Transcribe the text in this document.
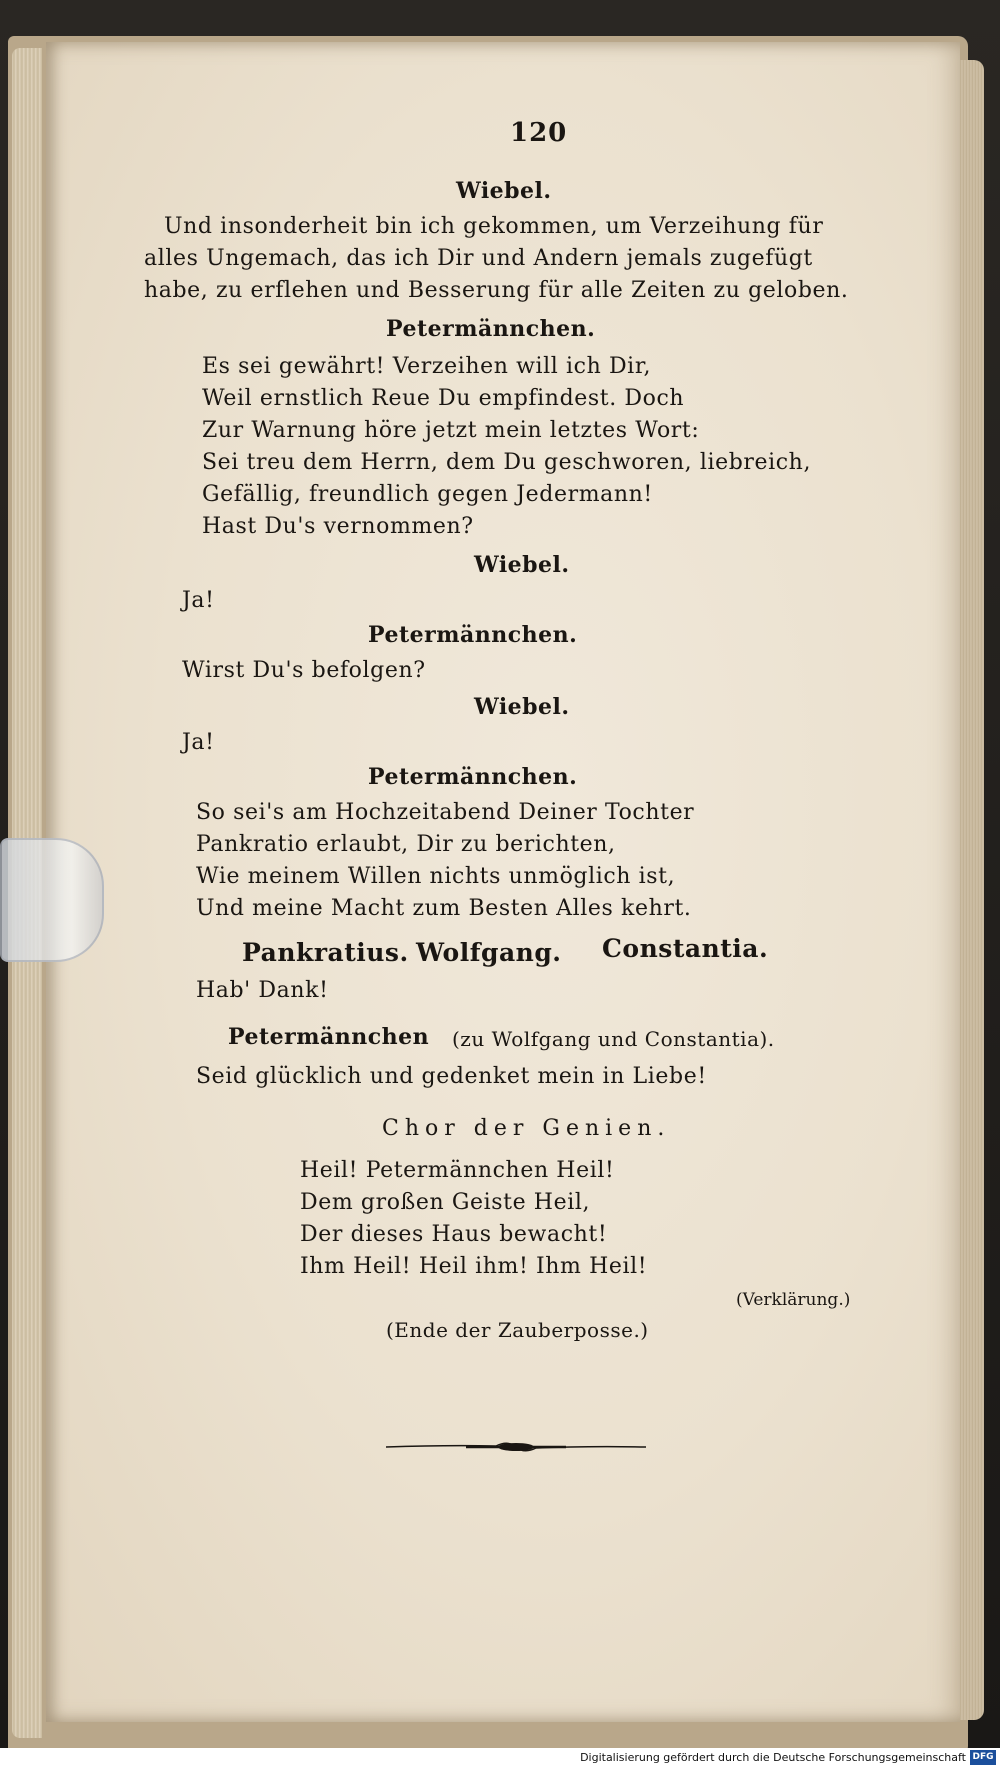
120
Wiebel.
Und insonderheit bin ich gekommen, um Verzeihung für
alles Ungemach, das ich Dir und Andern jemals zugefügt
habe, zu erflehen und Besserung für alle Zeiten zu geloben.
Petermännchen.
Es sei gewährt! Verzeihen will ich Dir,
Weil ernstlich Reue Du empfindest. Doch
Zur Warnung höre jetzt mein letztes Wort:
Sei treu dem Herrn, dem Du geschworen, liebreich,
Gefällig, freundlich gegen Jedermann!
Hast Du's vernommen?
Wiebel.
Ja!
Petermännchen.
Wirst Du's befolgen?
Wiebel.
Ja!
Petermännchen.
So sei's am Hochzeitabend Deiner Tochter
Pankratio erlaubt, Dir zu berichten,
Wie meinem Willen nichts unmöglich ist,
Und meine Macht zum Besten Alles kehrt.
Pankratius. Wolfgang. Constantia.
Hab' Dank!
Petermännchen (zu Wolfgang und Constantia).
Seid glücklich und gedenket mein in Liebe!
Chor der Genien.
Heil! Petermännchen Heil!
Dem großen Geiste Heil,
Der dieses Haus bewacht!
Ihm Heil! Heil ihm! Ihm Heil!
(Verklärung.)
(Ende der Zauberposse.)
Digitalisierung gefördert durch die Deutsche Forschungsgemeinschaft DFG
